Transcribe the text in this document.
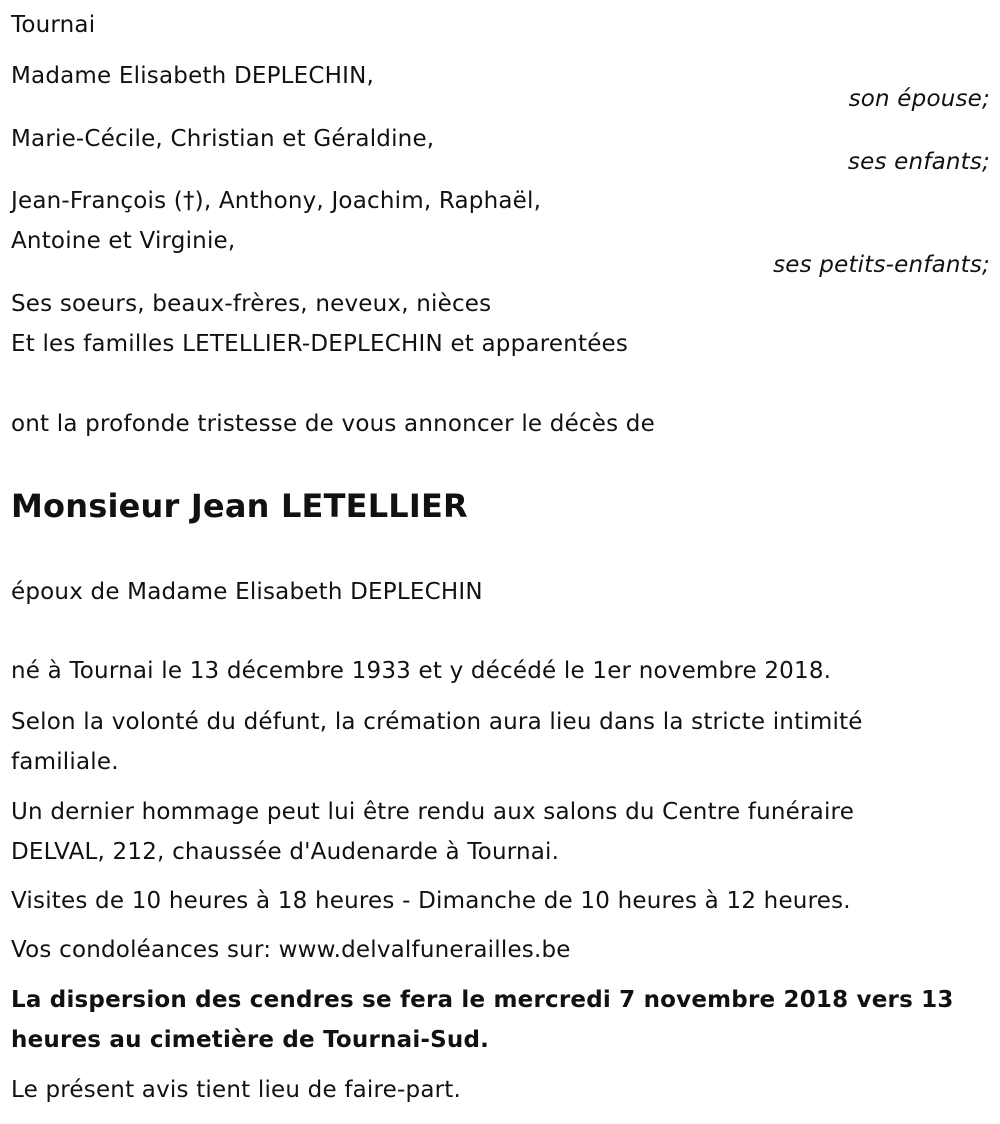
Tournai
Madame Elisabeth DEPLECHIN,
son épouse;
Marie-Cécile, Christian et Géraldine,
ses enfants;
Jean-François (†), Anthony, Joachim, Raphaël,
Antoine et Virginie,
ses petits-enfants;
Ses soeurs, beaux-frères, neveux, nièces
Et les familles LETELLIER-DEPLECHIN et apparentées
ont la profonde tristesse de vous annoncer le décès de
Monsieur Jean LETELLIER
époux de Madame Elisabeth DEPLECHIN
né à Tournai le 13 décembre 1933 et y décédé le 1er novembre 2018.
Selon la volonté du défunt, la crémation aura lieu dans la stricte intimité
familiale.
Un dernier hommage peut lui être rendu aux salons du Centre funéraire
DELVAL, 212, chaussée d'Audenarde à Tournai.
Visites de 10 heures à 18 heures - Dimanche de 10 heures à 12 heures.
Vos condoléances sur: www.delvalfunerailles.be
La dispersion des cendres se fera le mercredi 7 novembre 2018 vers 13
heures au cimetière de Tournai-Sud.
Le présent avis tient lieu de faire-part.
